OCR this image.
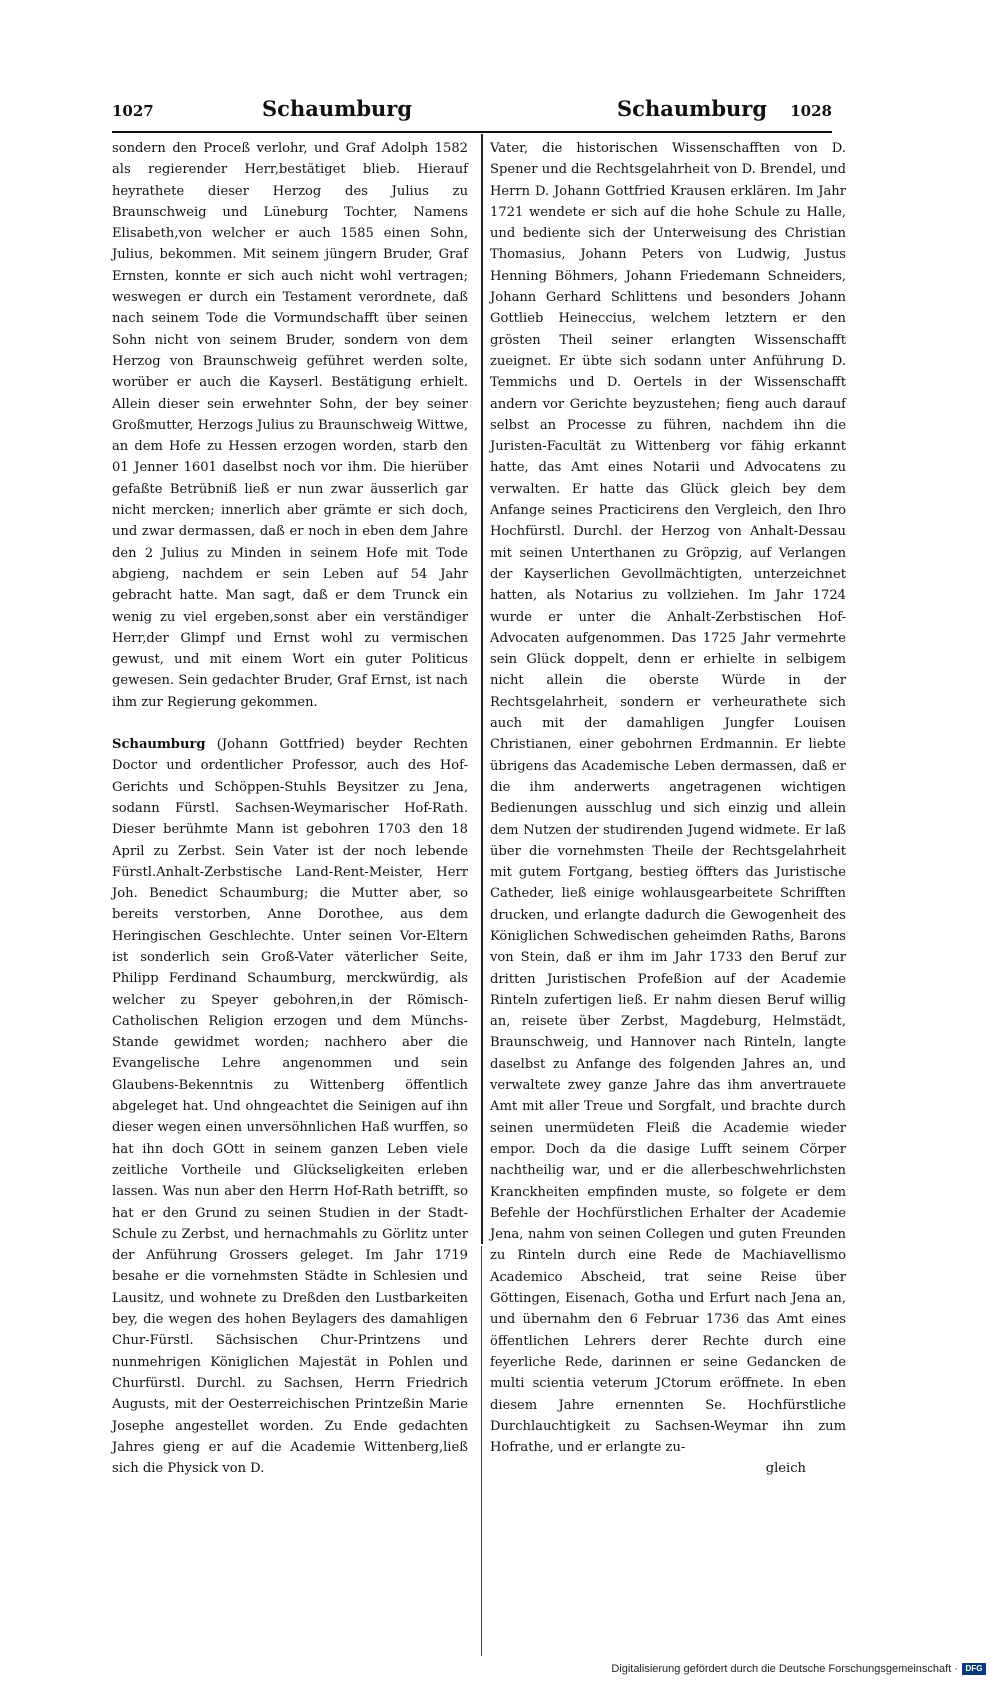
1027	Schaumburg	Schaumburg 1028

sondern den Proceß verlohr, und Graf Adolph 1582 als regierender Herr,bestätiget blieb. Hierauf heyrathete dieser Herzog des Julius zu Braunschweig und Lüneburg Tochter, Namens Elisabeth,von welcher er auch 1585 einen Sohn, Julius, bekommen. Mit seinem jüngern Bruder, Graf Ernsten, konnte er sich auch nicht wohl vertragen; weswegen er durch ein Testament verordnete, daß nach seinem Tode die Vormundschafft über seinen Sohn nicht von seinem Bruder, sondern von dem Herzog von Braunschweig geführet werden solte, worüber er auch die Kayserl. Bestätigung erhielt. Allein dieser sein erwehnter Sohn, der bey seiner Großmutter, Herzogs Julius zu Braunschweig Wittwe, an dem Hofe zu Hessen erzogen worden, starb den 01 Jenner 1601 daselbst noch vor ihm. Die hierüber gefaßte Betrübniß ließ er nun zwar äusserlich gar nicht mercken; innerlich aber grämte er sich doch, und zwar dermassen, daß er noch in eben dem Jahre den 2 Julius zu Minden in seinem Hofe mit Tode abgieng, nachdem er sein Leben auf 54 Jahr gebracht hatte. Man sagt, daß er dem Trunck ein wenig zu viel ergeben,sonst aber ein verständiger Herr,der Glimpf und Ernst wohl zu vermischen gewust, und mit einem Wort ein guter Politicus gewesen. Sein gedachter Bruder, Graf Ernst, ist nach ihm zur Regierung gekommen.

Schaumburg (Johann Gottfried) beyder Rechten Doctor und ordentlicher Professor, auch des Hof-Gerichts und Schöppen-Stuhls Beysitzer zu Jena, sodann Fürstl. Sachsen-Weymarischer Hof-Rath. Dieser berühmte Mann ist gebohren 1703 den 18 April zu Zerbst. Sein Vater ist der noch lebende Fürstl.Anhalt-Zerbstische Land-Rent-Meister, Herr Joh. Benedict Schaumburg; die Mutter aber, so bereits verstorben, Anne Dorothee, aus dem Heringischen Geschlechte. Unter seinen Vor-Eltern ist sonderlich sein Groß-Vater väterlicher Seite, Philipp Ferdinand Schaumburg, merckwürdig, als welcher zu Speyer gebohren,in der Römisch-Catholischen Religion erzogen und dem Münchs-Stande gewidmet worden; nachhero aber die Evangelische Lehre angenommen und sein Glaubens-Bekenntnis zu Wittenberg öffentlich abgeleget hat. Und ohngeachtet die Seinigen auf ihn dieser wegen einen unversöhnlichen Haß wurffen, so hat ihn doch GOtt in seinem ganzen Leben viele zeitliche Vortheile und Glückseligkeiten erleben lassen. Was nun aber den Herrn Hof-Rath betrifft, so hat er den Grund zu seinen Studien in der Stadt-Schule zu Zerbst, und hernachmahls zu Görlitz unter der Anführung Grossers geleget. Im Jahr 1719 besahe er die vornehmsten Städte in Schlesien und Lausitz, und wohnete zu Dreßden den Lustbarkeiten bey, die wegen des hohen Beylagers des damahligen Chur-Fürstl. Sächsischen Chur-Printzens und nunmehrigen Königlichen Majestät in Pohlen und Churfürstl. Durchl. zu Sachsen, Herrn Friedrich Augusts, mit der Oesterreichischen Printzeßin Marie Josephe angestellet worden. Zu Ende gedachten Jahres gieng er auf die Academie Wittenberg,ließ sich die Physick von D.

Vater, die historischen Wissenschafften von D. Spener und die Rechtsgelahrheit von D. Brendel, und Herrn D. Johann Gottfried Krausen erklären. Im Jahr 1721 wendete er sich auf die hohe Schule zu Halle, und bediente sich der Unterweisung des Christian Thomasius, Johann Peters von Ludwig, Justus Henning Böhmers, Johann Friedemann Schneiders, Johann Gerhard Schlittens und besonders Johann Gottlieb Heineccius, welchem letztern er den grösten Theil seiner erlangten Wissenschafft zueignet. Er übte sich sodann unter Anführung D. Temmichs und D. Oertels in der Wissenschafft andern vor Gerichte beyzustehen; fieng auch darauf selbst an Processe zu führen, nachdem ihn die Juristen-Facultät zu Wittenberg vor fähig erkannt hatte, das Amt eines Notarii und Advocatens zu verwalten. Er hatte das Glück gleich bey dem Anfange seines Practicirens den Vergleich, den Ihro Hochfürstl. Durchl. der Herzog von Anhalt-Dessau mit seinen Unterthanen zu Gröpzig, auf Verlangen der Kayserlichen Gevollmächtigten, unterzeichnet hatten, als Notarius zu vollziehen. Im Jahr 1724 wurde er unter die Anhalt-Zerbstischen Hof-Advocaten aufgenommen. Das 1725 Jahr vermehrte sein Glück doppelt, denn er erhielte in selbigem nicht allein die oberste Würde in der Rechtsgelahrheit, sondern er verheurathete sich auch mit der damahligen Jungfer Louisen Christianen, einer gebohrnen Erdmannin. Er liebte übrigens das Academische Leben dermassen, daß er die ihm anderwerts angetragenen wichtigen Bedienungen ausschlug und sich einzig und allein dem Nutzen der studirenden Jugend widmete. Er laß über die vornehmsten Theile der Rechtsgelahrheit mit gutem Fortgang, bestieg öffters das Juristische Catheder, ließ einige wohlausgearbeitete Schrifften drucken, und erlangte dadurch die Gewogenheit des Königlichen Schwedischen geheimden Raths, Barons von Stein, daß er ihm im Jahr 1733 den Beruf zur dritten Juristischen Profeßion auf der Academie Rinteln zufertigen ließ. Er nahm diesen Beruf willig an, reisete über Zerbst, Magdeburg, Helmstädt, Braunschweig, und Hannover nach Rinteln, langte daselbst zu Anfange des folgenden Jahres an, und verwaltete zwey ganze Jahre das ihm anvertrauete Amt mit aller Treue und Sorgfalt, und brachte durch seinen unermüdeten Fleiß die Academie wieder empor. Doch da die dasige Lufft seinem Cörper nachtheilig war, und er die allerbeschwehrlichsten Kranckheiten empfinden muste, so folgete er dem Befehle der Hochfürstlichen Erhalter der Academie Jena, nahm von seinen Collegen und guten Freunden zu Rinteln durch eine Rede de Machiavellismo Academico Abscheid, trat seine Reise über Göttingen, Eisenach, Gotha und Erfurt nach Jena an, und übernahm den 6 Februar 1736 das Amt eines öffentlichen Lehrers derer Rechte durch eine feyerliche Rede, darinnen er seine Gedancken de multi scientia veterum JCtorum eröffnete. In eben diesem Jahre ernennten Se. Hochfürstliche Durchlauchtigkeit zu Sachsen-Weymar ihn zum Hofrathe, und er erlangte zu-

gleich

Digitalisierung gefördert durch die Deutsche Forschungsgemeinschaft · DFG
